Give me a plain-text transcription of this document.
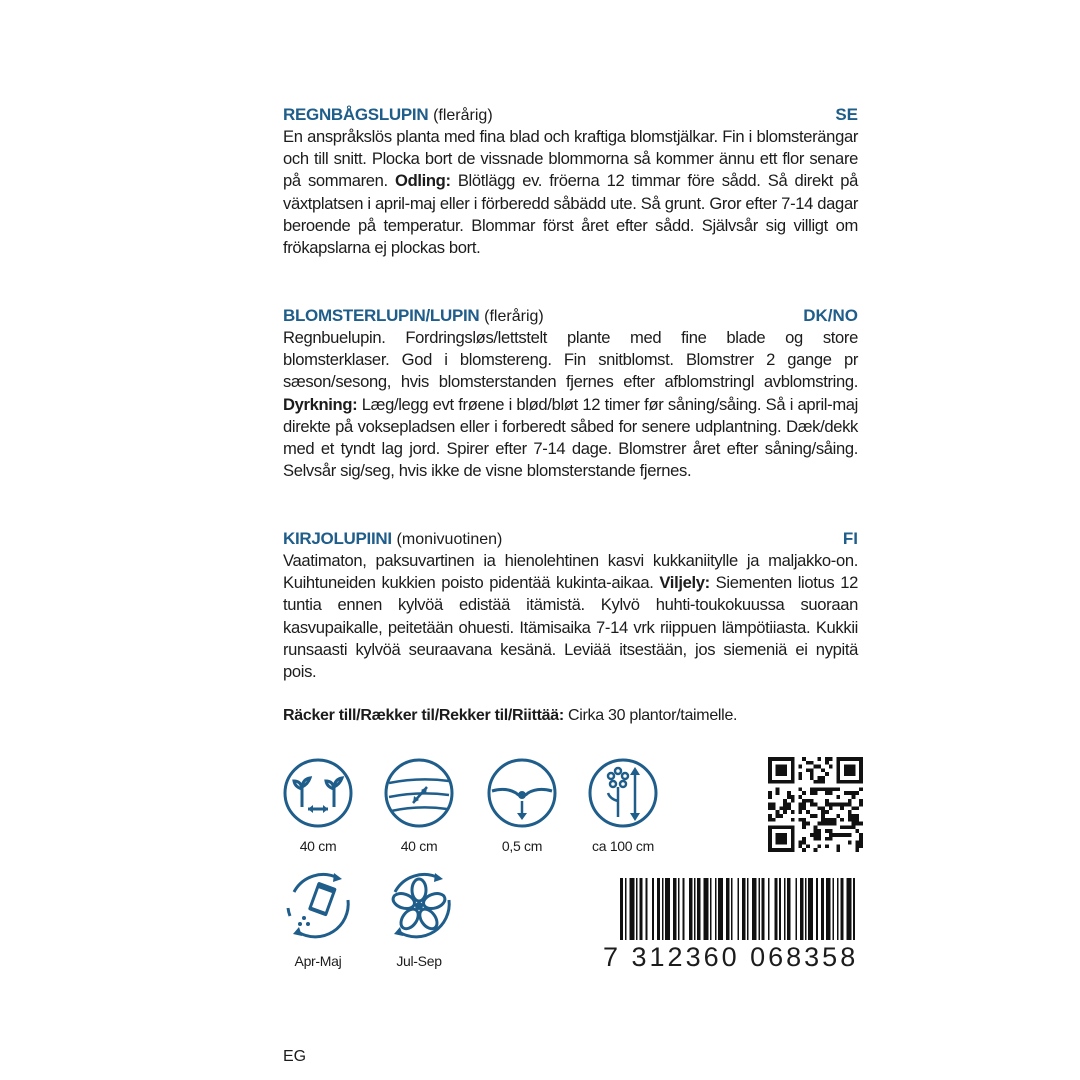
REGNBÅGSLUPIN (flerårig)	SE
En anspråkslös planta med fina blad och kraftiga blomstjälkar. Fin i blomsterängar och till snitt. Plocka bort de vissnade blommorna så kommer ännu ett flor senare på sommaren. Odling: Blötlägg ev. fröerna 12 timmar före sådd. Så direkt på växtplatsen i april-maj eller i förberedd såbädd ute. Så grunt. Gror efter 7-14 dagar beroende på temperatur. Blommar först året efter sådd. Självsår sig villigt om frökapslarna ej plockas bort.
BLOMSTERLUPIN/LUPIN (flerårig)	DK/NO
Regnbuelupin. Fordringsløs/lettstelt plante med fine blade og store blomsterklaser. God i blomstereng. Fin snitblomst. Blomstrer 2 gange pr sæson/sesong, hvis blomsterstanden fjernes efter afblomstringl avblomstring. Dyrkning: Læg/legg evt frøene i blød/bløt 12 timer før såning/såing. Så i april-maj direkte på voksepladsen eller i forberedt såbed for senere udplantning. Dæk/dekk med et tyndt lag jord. Spirer efter 7-14 dage. Blomstrer året efter såning/såing. Selvsår sig/seg, hvis ikke de visne blomsterstande fjernes.
KIRJOLUPIINI (monivuotinen)	FI
Vaatimaton, paksuvartinen ia hienolehtinen kasvi kukkaniitylle ja maljakko-on. Kuihtuneiden kukkien poisto pidentää kukinta-aikaa. Viljely: Siementen liotus 12 tuntia ennen kylvöä edistää itämistä. Kylvö huhti-toukokuussa suoraan kasvupaikalle, peitetään ohuesti. Itämisaika 7-14 vrk riippuen lämpötiiasta. Kukkii runsaasti kylvöä seuraavana kesänä. Leviää itsestään, jos siemeniä ei nypitä pois.
Räcker till/Rækker til/Rekker til/Riittää: Cirka 30 plantor/taimelle.
40 cm	40 cm	0,5 cm	ca 100 cm
Apr-Maj	Jul-Sep	7 312360 068358
EG
